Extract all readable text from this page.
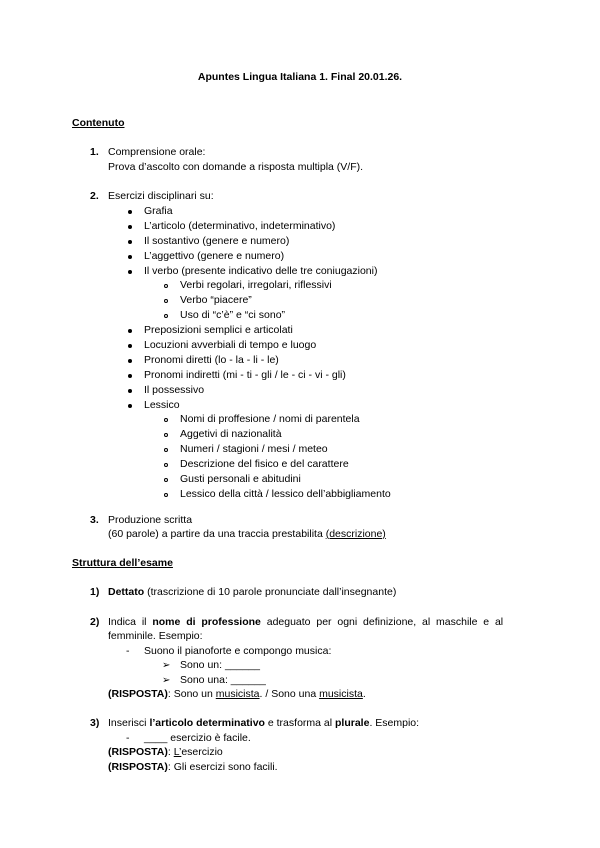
Apuntes Lingua Italiana 1. Final 20.01.26.
Contenuto
1. Comprensione orale:
Prova d’ascolto con domande a risposta multipla (V/F).
2. Esercizi disciplinari su:
Grafia
L’articolo (determinativo, indeterminativo)
Il sostantivo (genere e numero)
L’aggettivo (genere e numero)
Il verbo (presente indicativo delle tre coniugazioni)
Verbi regolari, irregolari, riflessivi
Verbo “piacere”
Uso di “c’è” e “ci sono”
Preposizioni semplici e articolati
Locuzioni avverbiali di tempo e luogo
Pronomi diretti (lo - la - li - le)
Pronomi indiretti (mi - ti - gli / le - ci - vi - gli)
Il possessivo
Lessico
Nomi di proffesione / nomi di parentela
Aggetivi di nazionalità
Numeri / stagioni / mesi / meteo
Descrizione del fisico e del carattere
Gusti personali e abitudini
Lessico della città / lessico dell’abbigliamento
3. Produzione scritta
(60 parole) a partire da una traccia prestabilita (descrizione)
Struttura dell’esame
1) Dettato (trascrizione di 10 parole pronunciate dall’insegnante)
2) Indica  il  nome  di  professione  adeguato  per  ogni  definizione,  al  maschile  e  al
femminile. Esempio:
- Suono il pianoforte e compongo musica:
➢ Sono un: ______
➢ Sono una: ______
(RISPOSTA): Sono un musicista. / Sono una musicista.
3) Inserisci l’articolo determinativo e trasforma al plurale. Esempio:
- ____ esercizio è facile.
(RISPOSTA): L’esercizio
(RISPOSTA): Gli esercizi sono facili.
